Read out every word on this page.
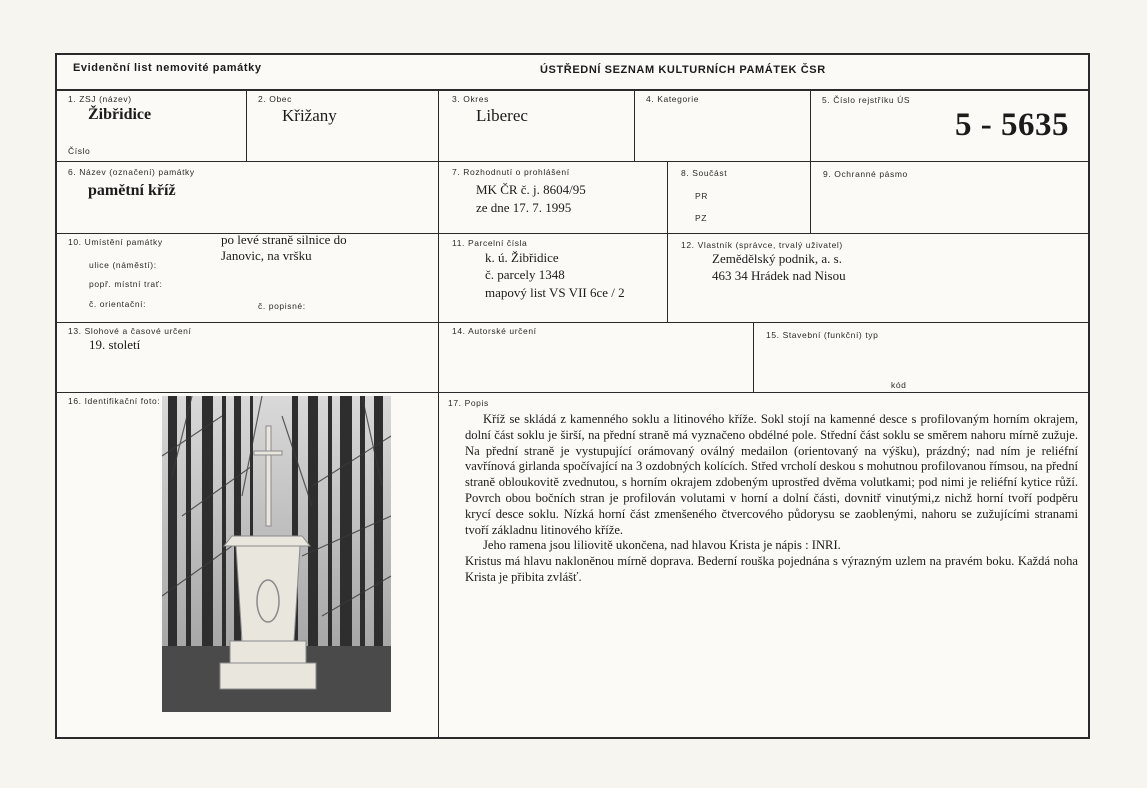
Evidenční list nemovité památky	ÚSTŘEDNÍ SEZNAM KULTURNÍCH PAMÁTEK ČSR
1. ZSJ (název)
Žibřidice
Číslo
2. Obec
Křižany
3. Okres
Liberec
4. Kategorie	5. Číslo rejstříku ÚS
5 - 5635
6. Název (označení) památky
pamětní kříž
7. Rozhodnutí o prohlášení
MK ČR č. j. 8604/95
ze dne 17. 7. 1995
8. Součást
PR
PZ
9. Ochranné pásmo
10. Umístění památky	po levé straně silnice do
Janovic, na vršku
ulice (náměstí):
popř. místní trať:
č. orientační:	č. popisné:
11. Parcelní čísla
k. ú. Žibřidice
č. parcely 1348
mapový list VS VII 6ce / 2
12. Vlastník (správce, trvalý uživatel)
Zemědělský podnik, a. s.
463 34 Hrádek nad Nisou
13. Slohové a časové určení
19. století
14. Autorské určení	15. Stavební (funkční) typ
kód
16. Identifikační foto:	17. Popis

Kříž se skládá z kamenného soklu a litinového kříže. Sokl stojí na kamenné desce s profilovaným horním okrajem, dolní část soklu je širší, na přední straně má vyznačeno obdélné pole. Střední část soklu se směrem nahoru mírně zužuje. Na přední straně je vystupující orámovaný oválný medailon (orientovaný na výšku), prázdný; nad ním je reliéfní vavřínová girlanda spočívající na 3 ozdobných kolících. Střed vrcholí deskou s mohutnou profilovanou římsou, na přední straně obloukovitě zvednutou, s horním okrajem zdobeným uprostřed dvěma volutkami; pod nimi je reliéfní kytice růží. Povrch obou bočních stran je profilován volutami v horní a dolní části, dovnitř vinutými,z nichž horní tvoří podpěru krycí desce soklu. Nízká horní část zmenšeného čtvercového půdorysu se zaoblenými, nahoru se zužujícími stranami tvoří základnu litinového kříže.

Jeho ramena jsou liliovitě ukončena, nad hlavou Krista je nápis : INRI.

Kristus má hlavu nakloněnou mírně doprava. Bederní rouška pojednána s výrazným uzlem na pravém boku. Každá noha Krista je přibita zvlášť.
